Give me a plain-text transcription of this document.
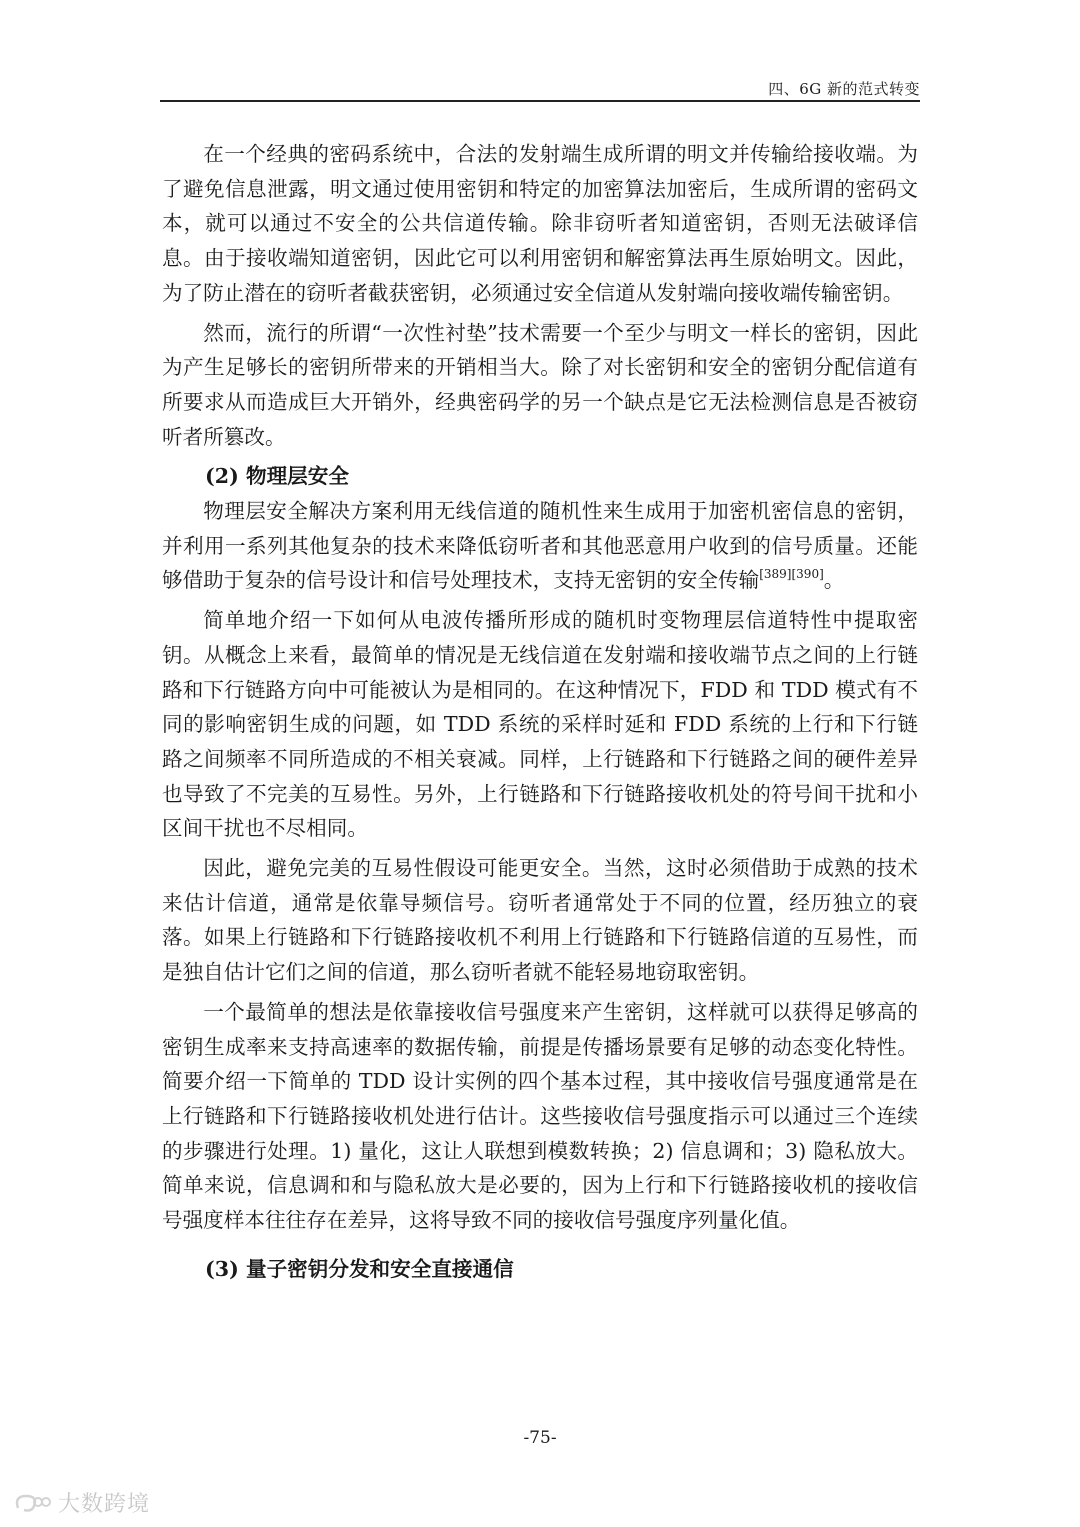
四、6G 新的范式转变

在一个经典的密码系统中，合法的发射端生成所谓的明文并传输给接收端。为了避免信息泄露，明文通过使用密钥和特定的加密算法加密后，生成所谓的密码文本，就可以通过不安全的公共信道传输。除非窃听者知道密钥，否则无法破译信息。由于接收端知道密钥，因此它可以利用密钥和解密算法再生原始明文。因此，为了防止潜在的窃听者截获密钥，必须通过安全信道从发射端向接收端传输密钥。

然而，流行的所谓“一次性衬垫”技术需要一个至少与明文一样长的密钥，因此为产生足够长的密钥所带来的开销相当大。除了对长密钥和安全的密钥分配信道有所要求从而造成巨大开销外，经典密码学的另一个缺点是它无法检测信息是否被窃听者所篡改。

(2) 物理层安全

物理层安全解决方案利用无线信道的随机性来生成用于加密机密信息的密钥，并利用一系列其他复杂的技术来降低窃听者和其他恶意用户收到的信号质量。还能够借助于复杂的信号设计和信号处理技术，支持无密钥的安全传输[389][390]。

简单地介绍一下如何从电波传播所形成的随机时变物理层信道特性中提取密钥。从概念上来看，最简单的情况是无线信道在发射端和接收端节点之间的上行链路和下行链路方向中可能被认为是相同的。在这种情况下，FDD 和 TDD 模式有不同的影响密钥生成的问题，如 TDD 系统的采样时延和 FDD 系统的上行和下行链路之间频率不同所造成的不相关衰减。同样，上行链路和下行链路之间的硬件差异也导致了不完美的互易性。另外，上行链路和下行链路接收机处的符号间干扰和小区间干扰也不尽相同。

因此，避免完美的互易性假设可能更安全。当然，这时必须借助于成熟的技术来估计信道，通常是依靠导频信号。窃听者通常处于不同的位置，经历独立的衰落。如果上行链路和下行链路接收机不利用上行链路和下行链路信道的互易性，而是独自估计它们之间的信道，那么窃听者就不能轻易地窃取密钥。

一个最简单的想法是依靠接收信号强度来产生密钥，这样就可以获得足够高的密钥生成率来支持高速率的数据传输，前提是传播场景要有足够的动态变化特性。简要介绍一下简单的 TDD 设计实例的四个基本过程，其中接收信号强度通常是在上行链路和下行链路接收机处进行估计。这些接收信号强度指示可以通过三个连续的步骤进行处理。1) 量化，这让人联想到模数转换；2) 信息调和；3) 隐私放大。简单来说，信息调和和与隐私放大是必要的，因为上行和下行链路接收机的接收信号强度样本往往存在差异，这将导致不同的接收信号强度序列量化值。

(3) 量子密钥分发和安全直接通信
-75-
大数跨境
